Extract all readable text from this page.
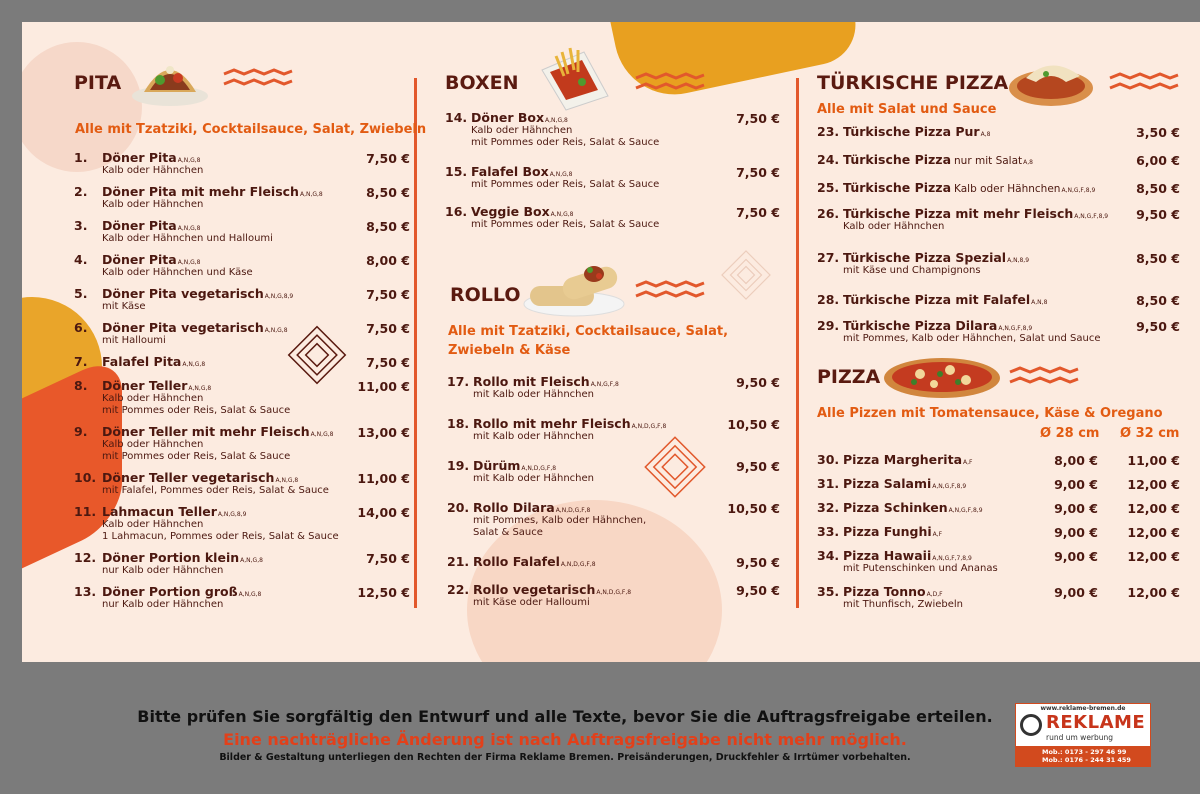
PITA
Alle mit Tzatziki, Cocktailsauce, Salat, Zwiebeln
1.	Döner Pita A,N,G,8
Kalb oder Hähnchen
7,50 €
2.	Döner Pita mit mehr Fleisch A,N,G,8
Kalb oder Hähnchen
8,50 €
3.	Döner Pita A,N,G,8
Kalb oder Hähnchen und Halloumi
8,50 €
4.	Döner Pita A,N,G,8
Kalb oder Hähnchen und Käse
8,00 €
5.	Döner Pita vegetarisch A,N,G,8,9
mit Käse
7,50 €
6.	Döner Pita vegetarisch A,N,G,8
mit Halloumi
7,50 €
7.	Falafel Pita A,N,G,8	7,50 €
8.	Döner Teller A,N,G,8
Kalb oder Hähnchen
mit Pommes oder Reis, Salat & Sauce
11,00 €
9.	Döner Teller mit mehr Fleisch A,N,G,8
Kalb oder Hähnchen
mit Pommes oder Reis, Salat & Sauce
13,00 €
10. Döner Teller vegetarisch A,N,G,8
mit Falafel, Pommes oder Reis, Salat & Sauce
11,00 €
11. Lahmacun Teller A,N,G,8,9
Kalb oder Hähnchen
1 Lahmacun, Pommes oder Reis, Salat & Sauce
14,00 €
12. Döner Portion klein A,N,G,8
nur Kalb oder Hähnchen
7,50 €
13. Döner Portion groß A,N,G,8
nur Kalb oder Hähnchen
12,50 €
BOXEN
14. Döner Box A,N,G,8
Kalb oder Hähnchen
mit Pommes oder Reis, Salat & Sauce
7,50 €
15. Falafel Box A,N,G,8
mit Pommes oder Reis, Salat & Sauce
7,50 €
16. Veggie Box A,N,G,8
mit Pommes oder Reis, Salat & Sauce
7,50 €
ROLLO
Alle mit Tzatziki, Cocktailsauce, Salat,
Zwiebeln & Käse
17. Rollo mit Fleisch A,N,G,F,8
mit Kalb oder Hähnchen
9,50 €
18. Rollo mit mehr Fleisch A,N,D,G,F,8
mit Kalb oder Hähnchen
10,50 €
19. Dürüm A,N,D,G,F,8
mit Kalb oder Hähnchen
9,50 €
20. Rollo Dilara A,N,D,G,F,8
mit Pommes, Kalb oder Hähnchen,
Salat & Sauce
10,50 €
21. Rollo Falafel A,N,D,G,F,8	9,50 €
22. Rollo vegetarisch A,N,D,G,F,8
mit Käse oder Halloumi
9,50 €
TÜRKISCHE PIZZA
Alle mit Salat und Sauce
23. Türkische Pizza Pur A,8	3,50 €
24. Türkische Pizza nur mit Salat A,8	6,00 €
25. Türkische Pizza Kalb oder Hähnchen A,N,G,F,8,9	8,50 €
26. Türkische Pizza mit mehr Fleisch A,N,G,F,8,9
Kalb oder Hähnchen
9,50 €
27. Türkische Pizza Spezial A,N,8,9
mit Käse und Champignons
8,50 €
28. Türkische Pizza mit Falafel A,N,8	8,50 €
29. Türkische Pizza Dilara A,N,G,F,8,9
mit Pommes, Kalb oder Hähnchen, Salat und Sauce
9,50 €
PIZZA
Alle Pizzen mit Tomatensauce, Käse & Oregano
Ø 28 cm Ø 32 cm
30. Pizza Margherita A,F	8,00 € 11,00 €
31. Pizza Salami A,N,G,F,8,9	9,00 € 12,00 €
32. Pizza Schinken A,N,G,F,8,9	9,00 € 12,00 €
33. Pizza Funghi A,F	9,00 € 12,00 €
34. Pizza Hawaii A,N,G,F,7,8,9
mit Putenschinken und Ananas
9,00 € 12,00 €
35. Pizza Tonno A,D,F
mit Thunfisch, Zwiebeln
9,00 € 12,00 €
Bitte prüfen Sie sorgfältig den Entwurf und alle Texte, bevor Sie die Auftragsfreigabe erteilen.
Eine nachträgliche Änderung ist nach Auftragsfreigabe nicht mehr möglich.
Bilder & Gestaltung unterliegen den Rechten der Firma Reklame Bremen. Preisänderungen, Druckfehler & Irrtümer vorbehalten.
www.reklame-bremen.de
REKLAME
rund um werbung
Mob.: 0173 - 297 46 99
Mob.: 0176 - 244 31 459
